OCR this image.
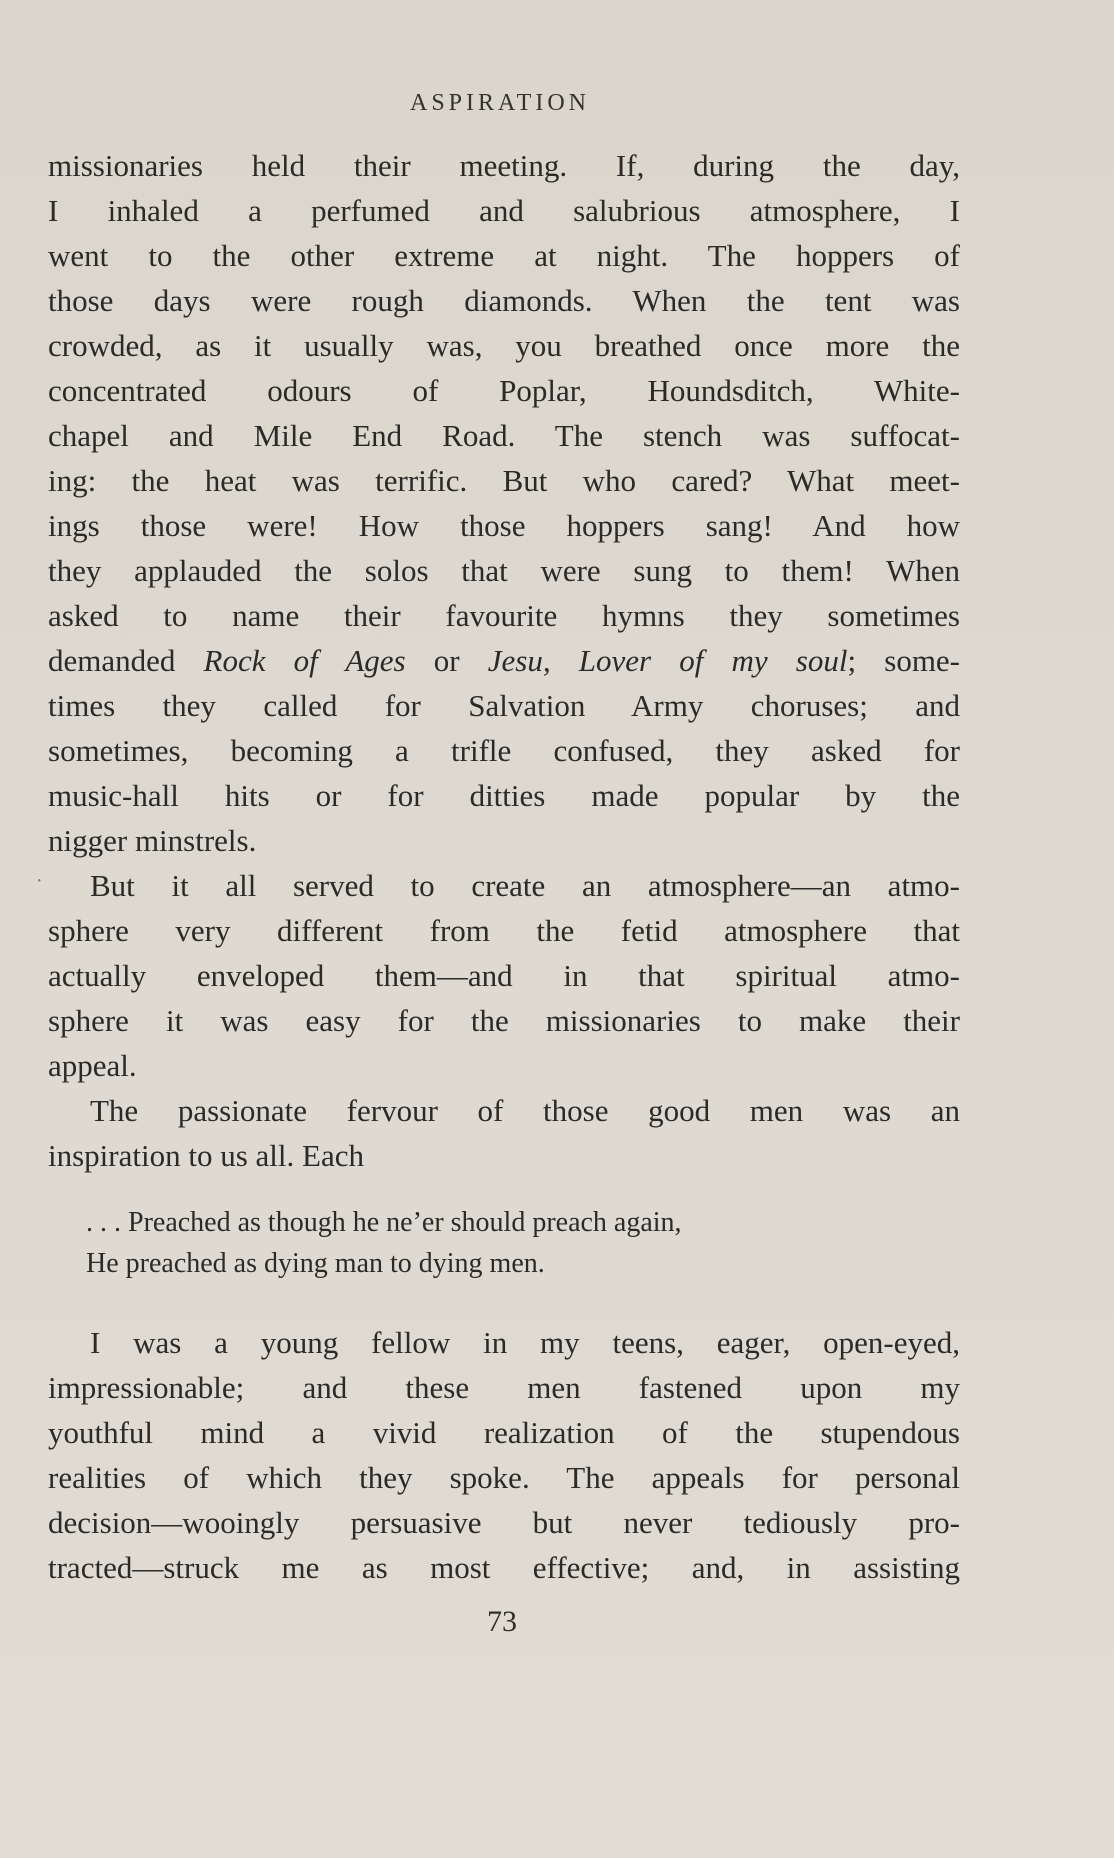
ASPIRATION
·
missionaries held their meeting. If, during the day,
I inhaled a perfumed and salubrious atmosphere, I
went to the other extreme at night. The hoppers of
those days were rough diamonds. When the tent was
crowded, as it usually was, you breathed once more the
concentrated odours of Poplar, Houndsditch, White-
chapel and Mile End Road. The stench was suffocat-
ing: the heat was terrific. But who cared? What meet-
ings those were! How those hoppers sang! And how
they applauded the solos that were sung to them! When
asked to name their favourite hymns they sometimes
demanded Rock of Ages or Jesu, Lover of my soul; some-
times they called for Salvation Army choruses; and
sometimes, becoming a trifle confused, they asked for
music-hall hits or for ditties made popular by the
nigger minstrels.
But it all served to create an atmosphere—an atmo-
sphere very different from the fetid atmosphere that
actually enveloped them—and in that spiritual atmo-
sphere it was easy for the missionaries to make their
appeal.
The passionate fervour of those good men was an
inspiration to us all. Each
. . . Preached as though he ne’er should preach again,
He preached as dying man to dying men.
I was a young fellow in my teens, eager, open-eyed,
impressionable; and these men fastened upon my
youthful mind a vivid realization of the stupendous
realities of which they spoke. The appeals for personal
decision—wooingly persuasive but never tediously pro-
tracted—struck me as most effective; and, in assisting
73
